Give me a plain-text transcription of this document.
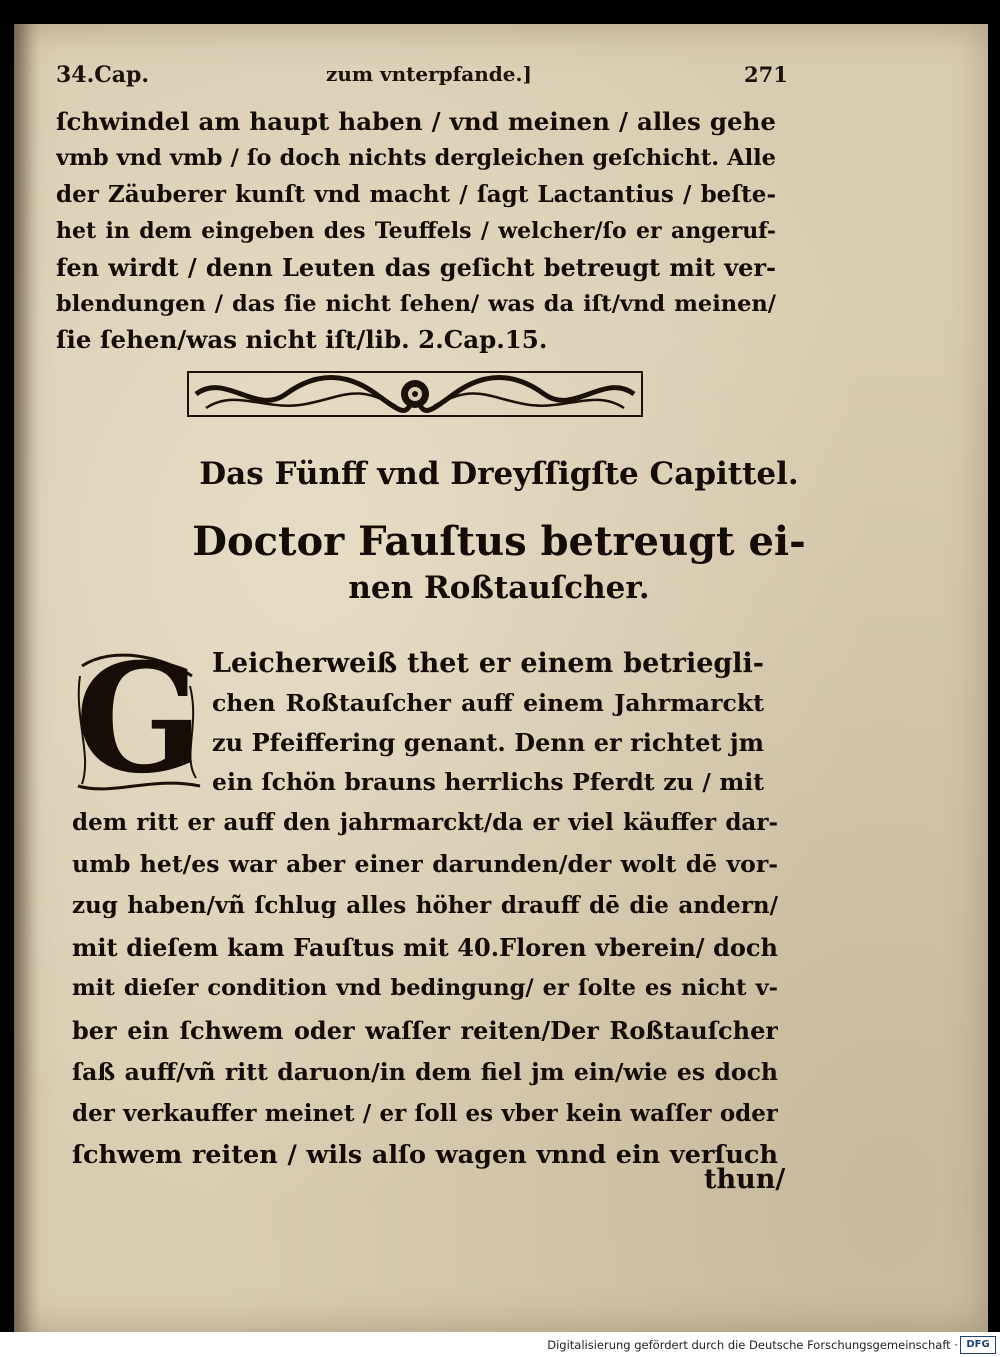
34.Cap.	zum vnterpfande.]	271
ſchwindel am haupt haben / vnd meinen / alles gehe
vmb vnd vmb / ſo doch nichts dergleichen geſchicht. Alle
der Zäuberer kunſt vnd macht / ſagt Lactantius / beſte-
het in dem eingeben des Teuffels / welcher/ſo er angeruf-
fen wirdt / denn Leuten das geſicht betreugt mit ver-
blendungen / das ſie nicht ſehen/ was da iſt/vnd meinen/
ſie ſehen/was nicht iſt/lib. 2.Cap.15.
Das Fünff vnd Dreyſſigſte Capittel.
Doctor Fauſtus betreugt ei-
nen Roßtauſcher.
G Leicherweiß thet er einem betriegli-
chen Roßtauſcher auff einem Jahrmarckt
zu Pfeiffering genant. Denn er richtet jm
ein ſchön brauns herrlichs Pferdt zu / mit
dem ritt er auff den jahrmarckt/da er viel käuffer dar-
umb het/es war aber einer darunden/der wolt dē vor-
zug haben/vñ ſchlug alles höher drauff dē die andern/
mit dieſem kam Fauſtus mit 40.Floren vberein/ doch
mit dieſer condition vnd bedingung/ er ſolte es nicht v-
ber ein ſchwem oder waſſer reiten/Der Roßtauſcher
ſaß auff/vñ ritt daruon/in dem fiel jm ein/wie es doch
der verkauffer meinet / er ſoll es vber kein waſſer oder
ſchwem reiten / wils alſo wagen vnnd ein verſuch
thun/
Digitalisierung gefördert durch die Deutsche Forschungsgemeinschaft · DFG
